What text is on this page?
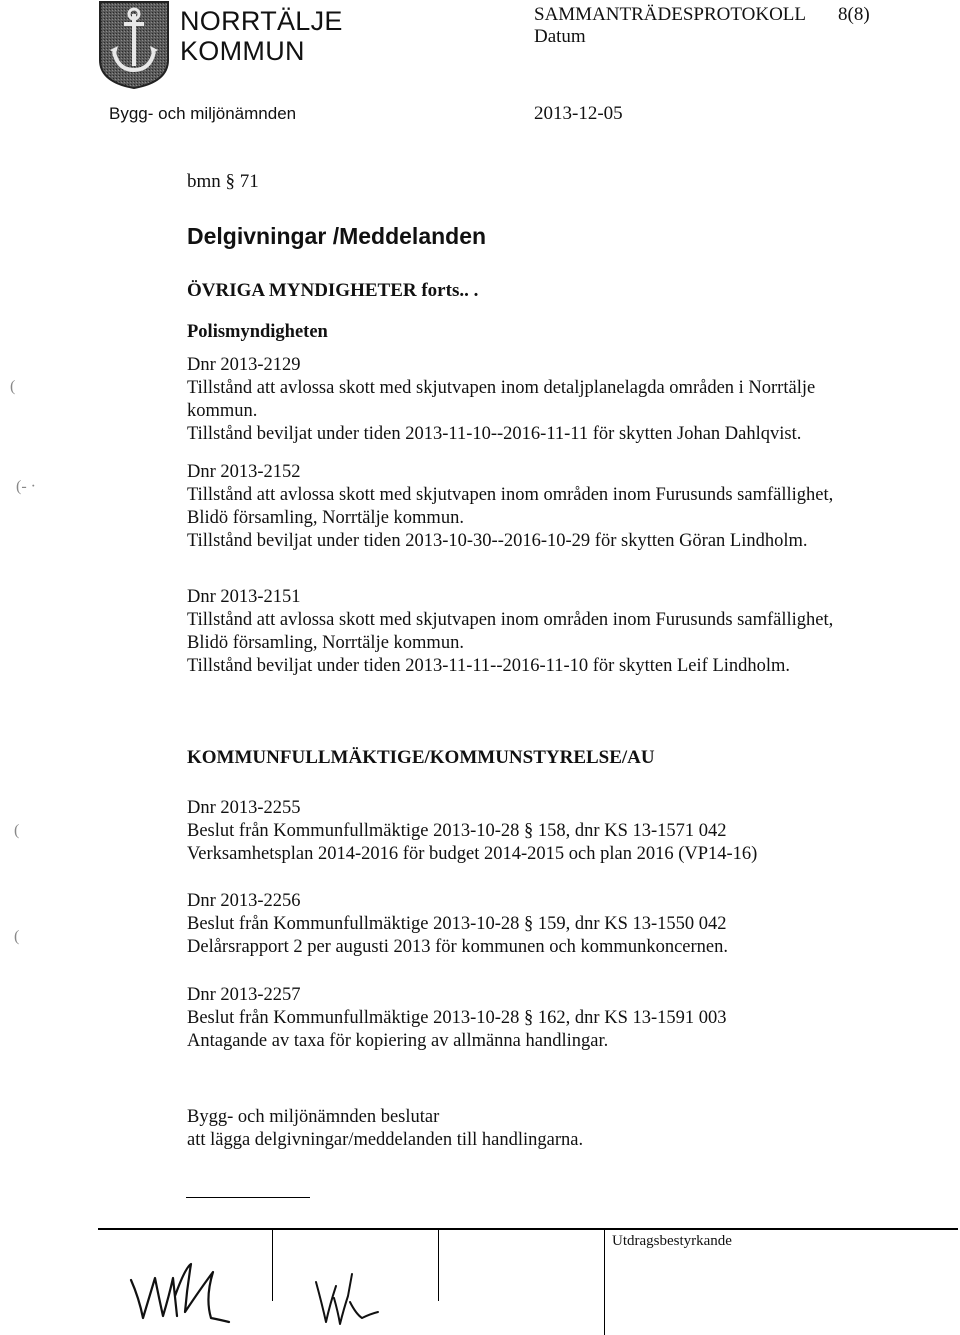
NORRTÄLJE
KOMMUN
SAMMANTRÄDESPROTOKOLL 8(8)
Datum
Bygg- och miljönämnden	2013-12-05
bmn § 71
Delgivningar /Meddelanden
ÖVRIGA MYNDIGHETER forts.. .
Polismyndigheten
Dnr 2013-2129
Tillstånd att avlossa skott med skjutvapen inom detaljplanelagda områden i Norrtälje
kommun.
Tillstånd beviljat under tiden 2013-11-10--2016-11-11 för skytten Johan Dahlqvist.
Dnr 2013-2152
Tillstånd att avlossa skott med skjutvapen inom områden inom Furusunds samfällighet,
Blidö församling, Norrtälje kommun.
Tillstånd beviljat under tiden 2013-10-30--2016-10-29 för skytten Göran Lindholm.
Dnr 2013-2151
Tillstånd att avlossa skott med skjutvapen inom områden inom Furusunds samfällighet,
Blidö församling, Norrtälje kommun.
Tillstånd beviljat under tiden 2013-11-11--2016-11-10 för skytten Leif Lindholm.
KOMMUNFULLMÄKTIGE/KOMMUNSTYRELSE/AU
Dnr 2013-2255
Beslut från Kommunfullmäktige 2013-10-28 § 158, dnr KS 13-1571 042
Verksamhetsplan 2014-2016 för budget 2014-2015 och plan 2016 (VP14-16)
Dnr 2013-2256
Beslut från Kommunfullmäktige 2013-10-28 § 159, dnr KS 13-1550 042
Delårsrapport 2 per augusti 2013 för kommunen och kommunkoncernen.
Dnr 2013-2257
Beslut från Kommunfullmäktige 2013-10-28 § 162, dnr KS 13-1591 003
Antagande av taxa för kopiering av allmänna handlingar.
Bygg- och miljönämnden beslutar
att lägga delgivningar/meddelanden till handlingarna.
(
(‐ ·
(
(
Utdragsbestyrkande
